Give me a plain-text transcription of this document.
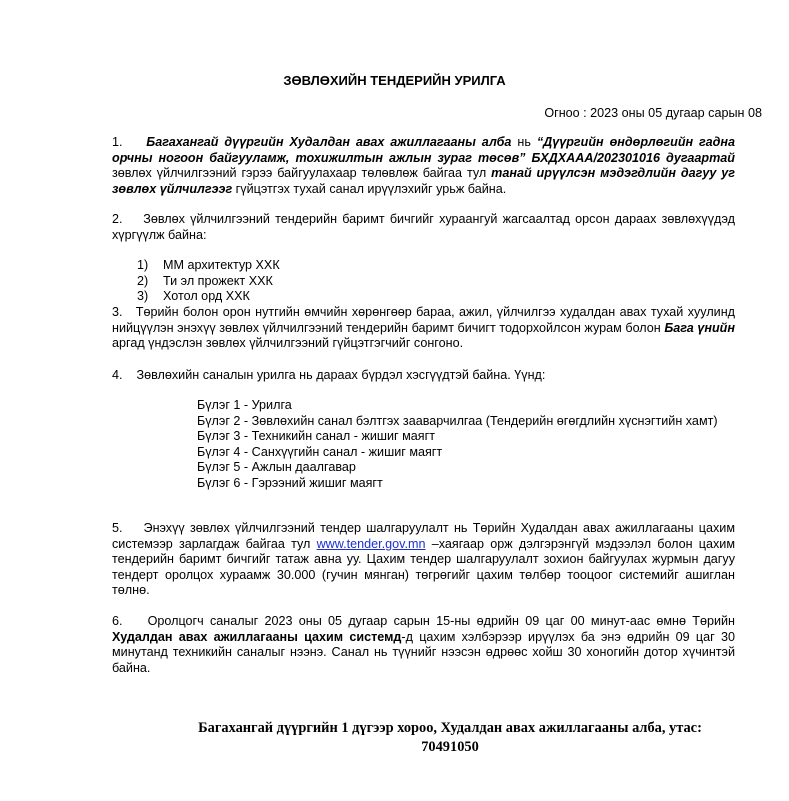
ЗӨВЛӨХИЙН ТЕНДЕРИЙН УРИЛГА
Огноо : 2023 оны 05 дугаар сарын 08
1. Багахангай дүүргийн Худалдан авах ажиллагааны алба нь “Дүүргийн өндөрлөгийн гадна орчны ногоон байгууламж, тохижилтын ажлын зураг төсөв” БХДХААА/202301016 дугаартай зөвлөх үйлчилгээний гэрээ байгуулахаар төлөвлөж байгаа тул танай ирүүлсэн мэдэгдлийн дагуу уг зөвлөх үйлчилгээг гүйцэтгэх тухай санал ирүүлэхийг урьж байна.
2. Зөвлөх үйлчилгээний тендерийн баримт бичгийг хураангуй жагсаалтад орсон дараах зөвлөхүүдэд хүргүүлж байна:
1) ММ архитектур ХХК
2) Ти эл прожект ХХК
3) Хотол орд ХХК
3. Төрийн болон орон нутгийн өмчийн хөрөнгөөр бараа, ажил, үйлчилгээ худалдан авах тухай хуулинд нийцүүлэн энэхүү зөвлөх үйлчилгээний тендерийн баримт бичигт тодорхойлсон журам болон Бага үнийн аргад үндэслэн зөвлөх үйлчилгээний гүйцэтгэгчийг сонгоно.
4. Зөвлөхийн саналын урилга нь дараах бүрдэл хэсгүүдтэй байна. Үүнд:
Бүлэг 1 - Урилга
Бүлэг 2 - Зөвлөхийн санал бэлтгэх зааварчилгаа (Тендерийн өгөгдлийн хүснэгтийн хамт)
Бүлэг 3 - Техникийн санал - жишиг маягт
Бүлэг 4 - Санхүүгийн санал - жишиг маягт
Бүлэг 5 - Ажлын даалгавар
Бүлэг 6 - Гэрээний жишиг маягт
5. Энэхүү зөвлөх үйлчилгээний тендер шалгаруулалт нь Төрийн Худалдан авах ажиллагааны цахим системээр зарлагдаж байгаа тул www.tender.gov.mn –хаягаар орж дэлгэрэнгүй мэдээлэл болон цахим тендерийн баримт бичгийг татаж авна уу. Цахим тендер шалгаруулалт зохион байгуулах журмын дагуу тендерт оролцох хураамж 30.000 (гучин мянган) төгрөгийг цахим төлбөр тооцоог системийг ашиглан төлнө.
6. Оролцогч саналыг 2023 оны 05 дугаар сарын 15-ны өдрийн 09 цаг 00 минут-аас өмнө Төрийн Худалдан авах ажиллагааны цахим системд-д цахим хэлбэрээр ирүүлэх ба энэ өдрийн 09 цаг 30 минутанд техникийн саналыг нээнэ. Санал нь түүнийг нээсэн өдрөөс хойш 30 хоногийн дотор хүчинтэй байна.
Багахангай дүүргийн 1 дүгээр хороо, Худалдан авах ажиллагааны алба, утас:
70491050
